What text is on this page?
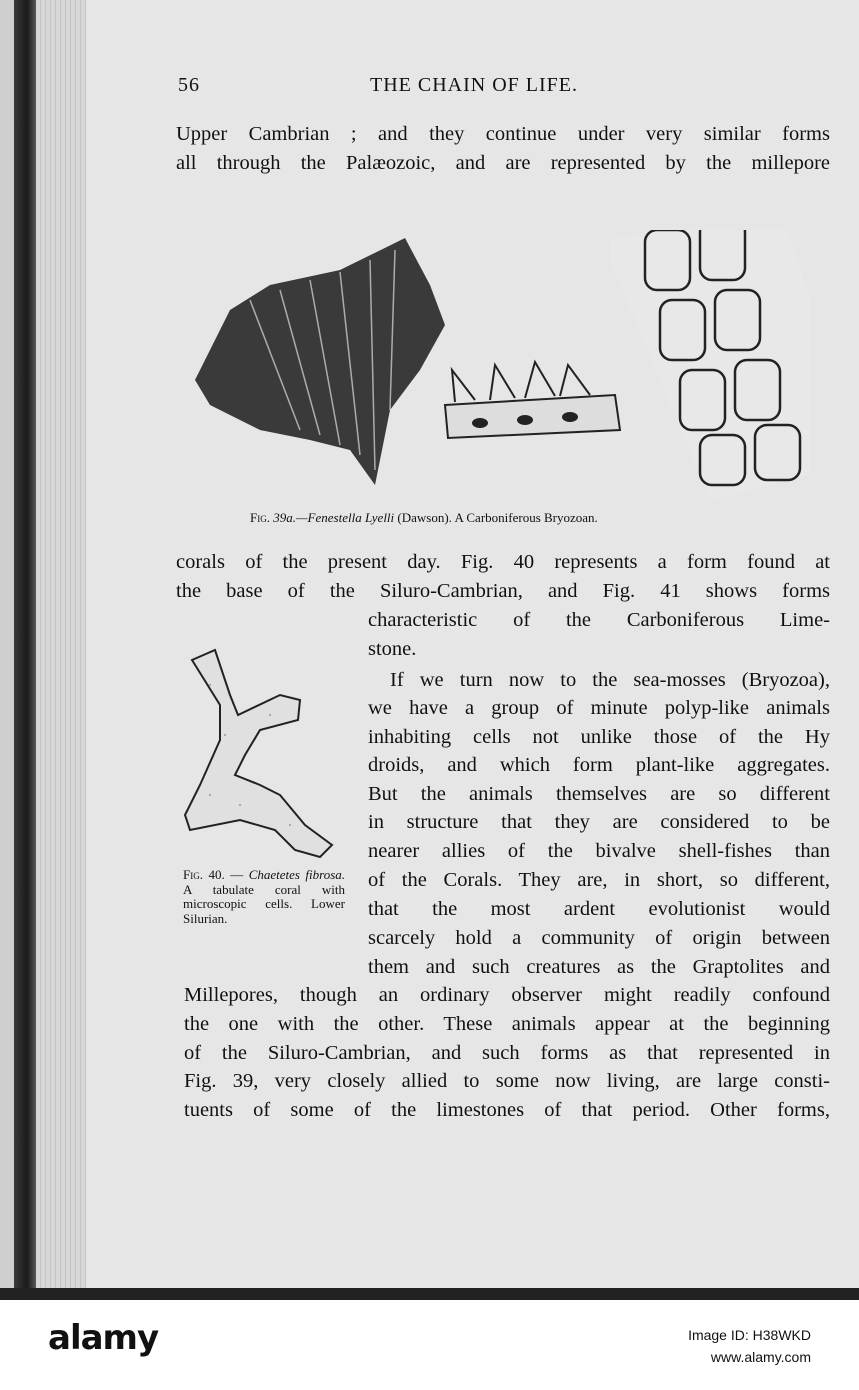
56	THE CHAIN OF LIFE.
Upper Cambrian ; and they continue under very similar forms
all through the Palæozoic, and are represented by the millepore
Fig. 39a.—Fenestella Lyelli (Dawson). A Carboniferous Bryozoan.
corals of the present day. Fig. 40 represents a form found at
the base of the Siluro-Cambrian, and Fig. 41 shows forms
characteristic of the Carboniferous Lime-
stone.
If we turn now to the sea-mosses (Bryozoa),
we have a group of minute polyp-like animals
inhabiting cells not unlike those of the Hy
droids, and which form plant-like aggregates.
But the animals themselves are so different
in structure that they are considered to be
nearer allies of the bivalve shell-fishes than
of the Corals. They are, in short, so different,
that the most ardent evolutionist would
scarcely hold a community of origin between
them and such creatures as the Graptolites and
Fig. 40. — Chaetetes fibrosa. A tabulate coral with microscopic cells. Lower Silurian.
Millepores, though an ordinary observer might readily confound
the one with the other. These animals appear at the beginning
of the Siluro-Cambrian, and such forms as that represented in
Fig. 39, very closely allied to some now living, are large consti-
tuents of some of the limestones of that period. Other forms,
alamy	Image ID: H38WKD
www.alamy.com
